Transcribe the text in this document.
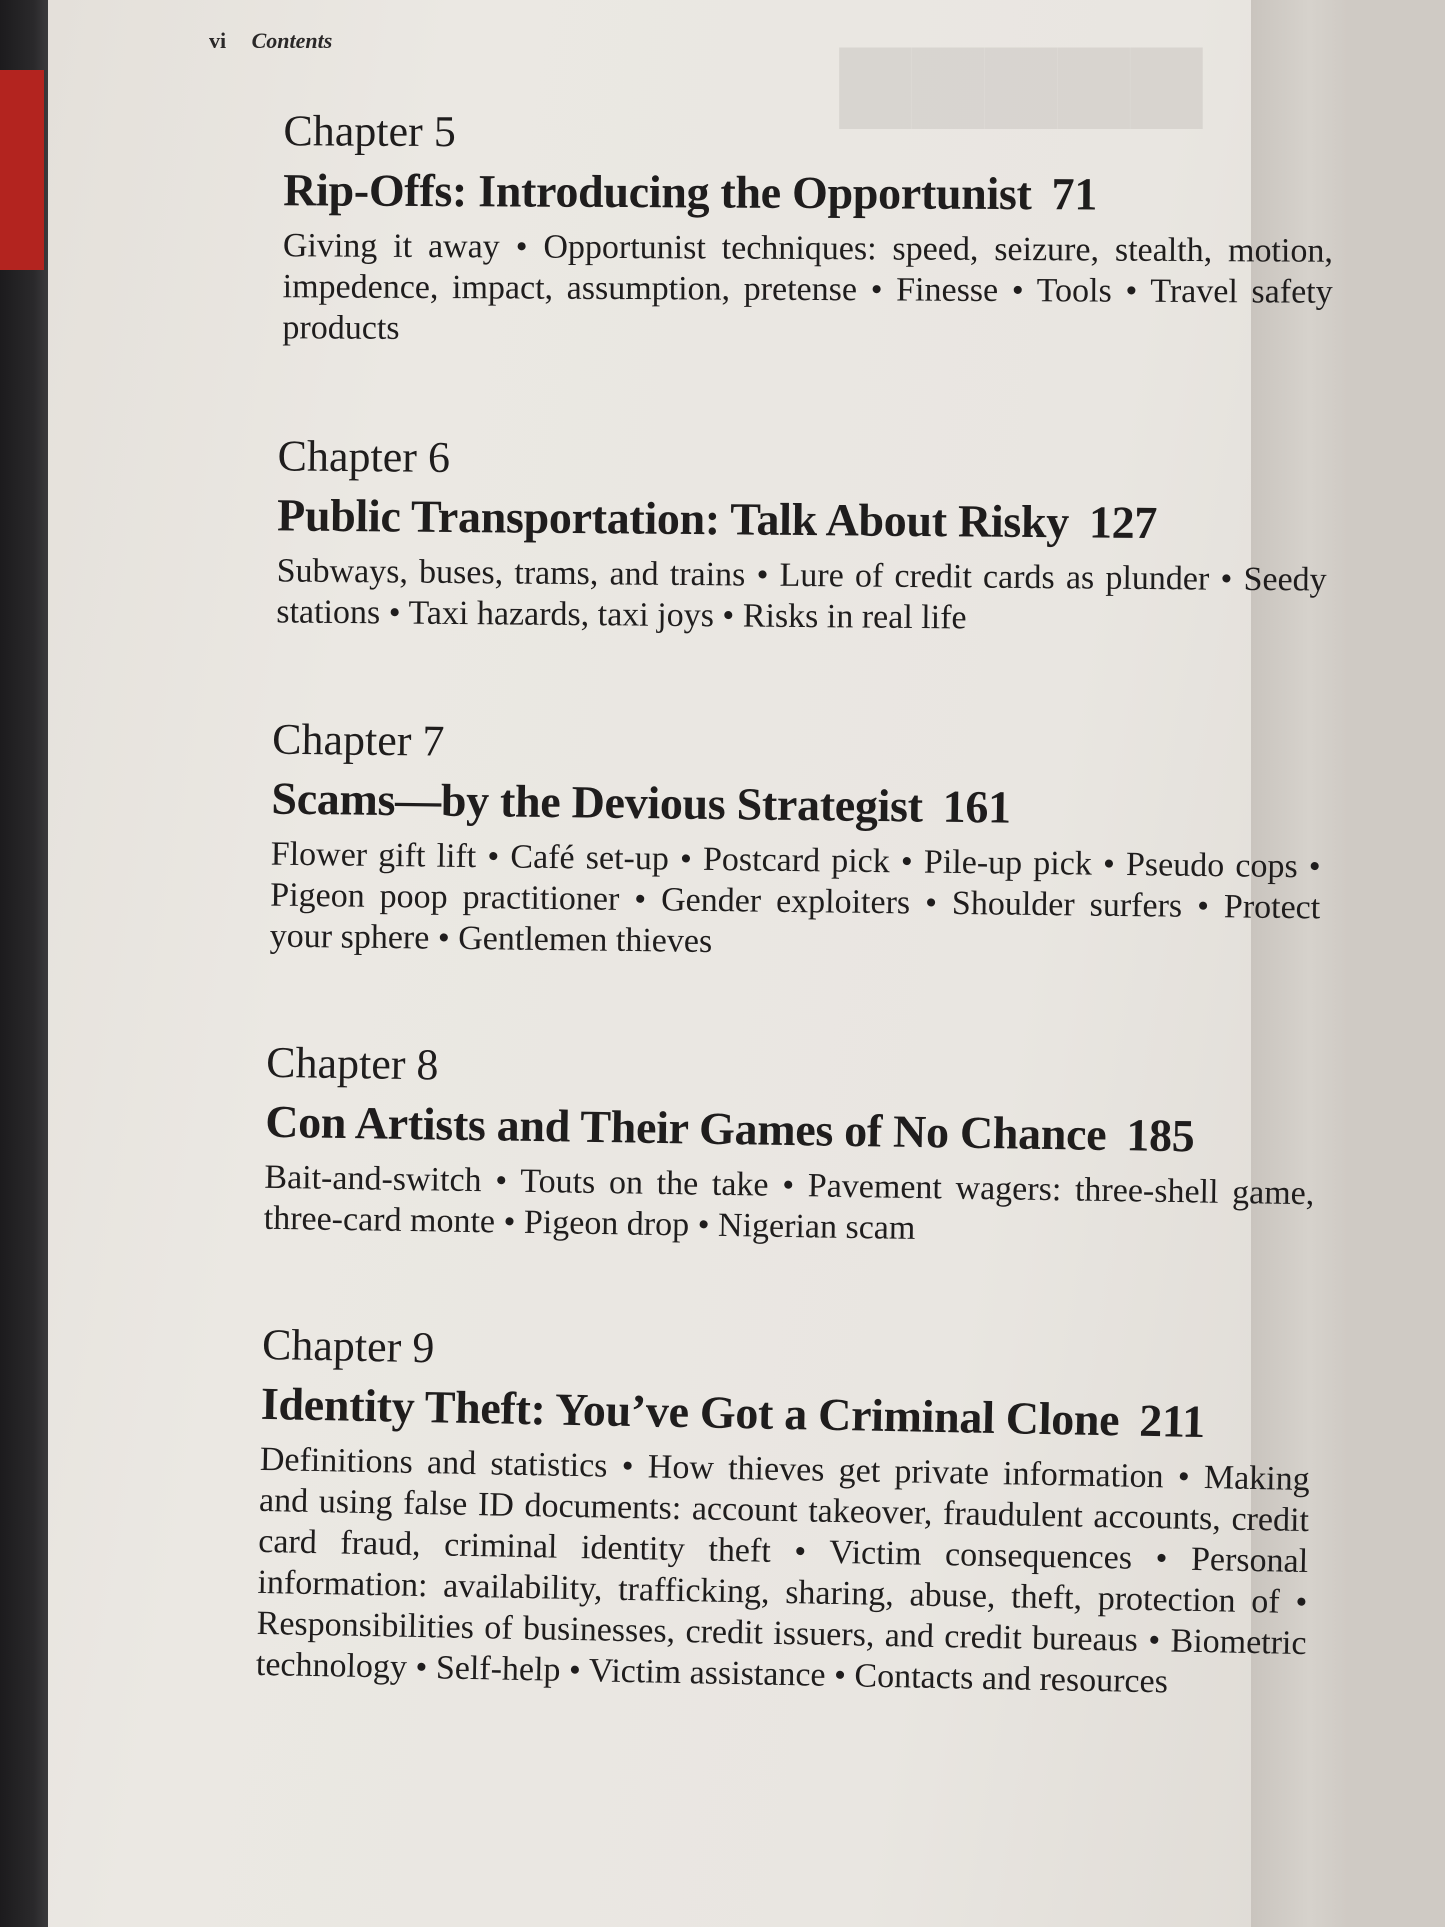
▆▆▆▆▆
vi Contents

Chapter 5

Rip-Offs: Introducing the Opportunist 71

Giving it away • Opportunist techniques: speed, seizure, stealth, motion, impedence, impact, assumption, pretense • Finesse • Tools • Travel safety products

Chapter 6

Public Transportation: Talk About Risky 127

Subways, buses, trams, and trains • Lure of credit cards as plunder • Seedy stations • Taxi hazards, taxi joys • Risks in real life

Chapter 7

Scams—by the Devious Strategist 161

Flower gift lift • Café set-up • Postcard pick • Pile-up pick • Pseudo cops • Pigeon poop practitioner • Gender exploiters • Shoulder surfers • Protect your sphere • Gentlemen thieves

Chapter 8

Con Artists and Their Games of No Chance 185

Bait-and-switch • Touts on the take • Pavement wagers: three-shell game, three-card monte • Pigeon drop • Nigerian scam

Chapter 9

Identity Theft: You’ve Got a Criminal Clone 211

Definitions and statistics • How thieves get private information • Making and using false ID documents: account takeover, fraudulent accounts, credit card fraud, criminal identity theft • Victim consequences • Personal information: availability, trafficking, sharing, abuse, theft, protection of • Responsibilities of businesses, credit issuers, and credit bureaus • Biometric technology • Self-help • Victim assistance • Contacts and resources
